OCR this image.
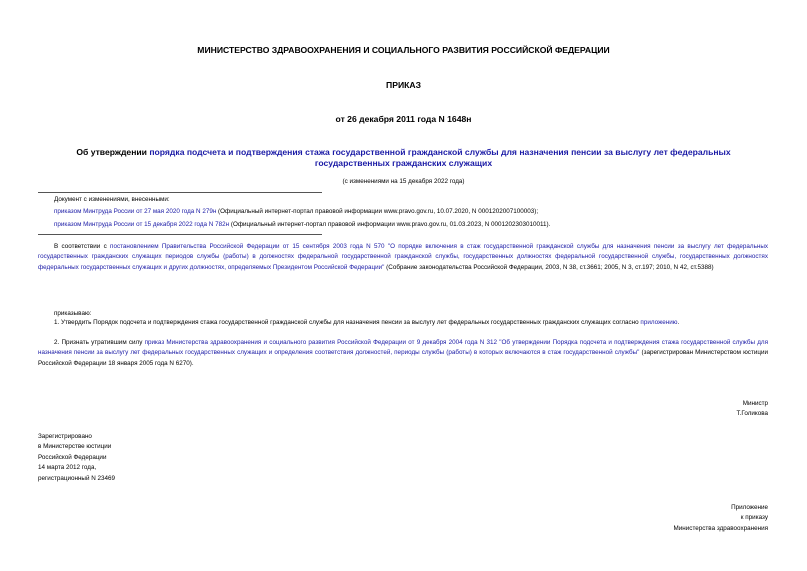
МИНИСТЕРСТВО ЗДРАВООХРАНЕНИЯ И СОЦИАЛЬНОГО РАЗВИТИЯ РОССИЙСКОЙ ФЕДЕРАЦИИ
ПРИКАЗ
от 26 декабря 2011 года N 1648н
Об утверждении порядка подсчета и подтверждения стажа государственной гражданской службы для назначения пенсии за выслугу лет федеральных государственных гражданских служащих
(с изменениями на 15 декабря 2022 года)
Документ с изменениями, внесенными:
приказом Минтруда России от 27 мая 2020 года N 279н (Официальный интернет-портал правовой информации www.pravo.gov.ru, 10.07.2020, N 0001202007100003);
приказом Минтруда России от 15 декабря 2022 года N 782н (Официальный интернет-портал правовой информации www.pravo.gov.ru, 01.03.2023, N 0001202303010011).
В соответствии с постановлением Правительства Российской Федерации от 15 сентября 2003 года N 570 "О порядке включения в стаж государственной гражданской службы для назначения пенсии за выслугу лет федеральных государственных гражданских служащих периодов службы (работы) в должностях федеральной государственной гражданской службы, государственных должностях федеральной государственной службы, государственных должностях федеральных государственных служащих и других должностях, определяемых Президентом Российской Федерации" (Собрание законодательства Российской Федерации, 2003, N 38, ст.3661; 2005, N 3, ст.197; 2010, N 42, ст.5388)
приказываю:
1. Утвердить Порядок подсчета и подтверждения стажа государственной гражданской службы для назначения пенсии за выслугу лет федеральных государственных гражданских служащих согласно приложению.
2. Признать утратившим силу приказ Министерства здравоохранения и социального развития Российской Федерации от 9 декабря 2004 года N 312 "Об утверждении Порядка подсчета и подтверждения стажа государственной службы для назначения пенсии за выслугу лет федеральных государственных служащих и определения соответствия должностей, периоды службы (работы) в которых включаются в стаж государственной службы" (зарегистрирован Министерством юстиции Российской Федерации 18 января 2005 года N 6270).
Министр
Т.Голикова
Зарегистрировано
в Министерстве юстиции
Российской Федерации
14 марта 2012 года,
регистрационный N 23469
Приложение
к приказу
Министерства здравоохранения
